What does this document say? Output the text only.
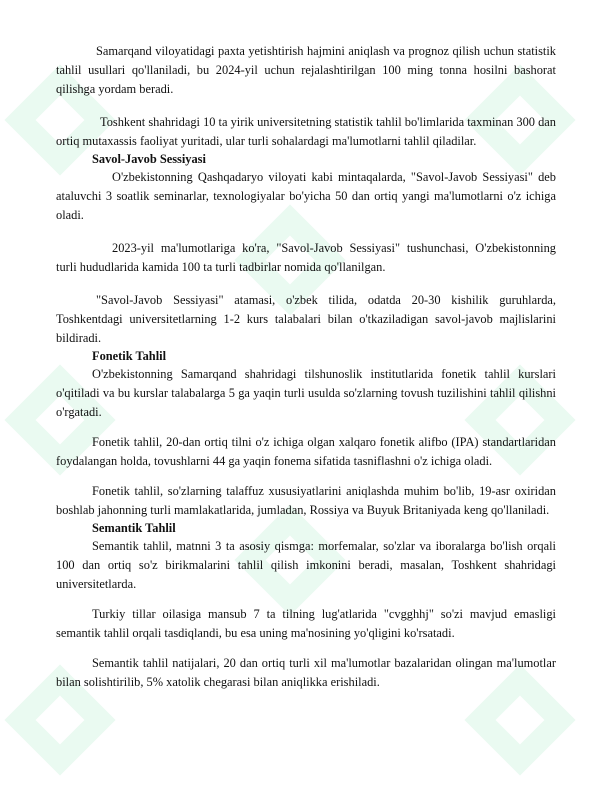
Samarqand viloyatidagi paxta yetishtirish hajmini aniqlash va prognoz qilish uchun statistik tahlil usullari qo'llaniladi, bu 2024-yil uchun rejalashtirilgan 100 ming tonna hosilni bashorat qilishga yordam beradi.

Toshkent shahridagi 10 ta yirik universitetning statistik tahlil bo'limlarida taxminan 300 dan ortiq mutaxassis faoliyat yuritadi, ular turli sohalardagi ma'lumotlarni tahlil qiladilar.

Savol-Javob Sessiyasi

O'zbekistonning Qashqadaryo viloyati kabi mintaqalarda, "Savol-Javob Sessiyasi" deb ataluvchi 3 soatlik seminarlar, texnologiyalar bo'yicha 50 dan ortiq yangi ma'lumotlarni o'z ichiga oladi.

2023-yil ma'lumotlariga ko'ra, "Savol-Javob Sessiyasi" tushunchasi, O'zbekistonning turli hududlarida kamida 100 ta turli tadbirlar nomida qo'llanilgan.

"Savol-Javob Sessiyasi" atamasi, o'zbek tilida, odatda 20-30 kishilik guruhlarda, Toshkentdagi universitetlarning 1-2 kurs talabalari bilan o'tkaziladigan savol-javob majlislarini bildiradi.

Fonetik Tahlil

O'zbekistonning Samarqand shahridagi tilshunoslik institutlarida fonetik tahlil kurslari o'qitiladi va bu kurslar talabalarga 5 ga yaqin turli usulda so'zlarning tovush tuzilishini tahlil qilishni o'rgatadi.

Fonetik tahlil, 20-dan ortiq tilni o'z ichiga olgan xalqaro fonetik alifbo (IPA) standartlaridan foydalangan holda, tovushlarni 44 ga yaqin fonema sifatida tasniflashni o'z ichiga oladi.

Fonetik tahlil, so'zlarning talaffuz xususiyatlarini aniqlashda muhim bo'lib, 19-asr oxiridan boshlab jahonning turli mamlakatlarida, jumladan, Rossiya va Buyuk Britaniyada keng qo'llaniladi.

Semantik Tahlil

Semantik tahlil, matnni 3 ta asosiy qismga: morfemalar, so'zlar va iboralarga bo'lish orqali 100 dan ortiq so'z birikmalarini tahlil qilish imkonini beradi, masalan, Toshkent shahridagi universitetlarda.

Turkiy tillar oilasiga mansub 7 ta tilning lug'atlarida "cvgghhj" so'zi mavjud emasligi semantik tahlil orqali tasdiqlandi, bu esa uning ma'nosining yo'qligini ko'rsatadi.

Semantik tahlil natijalari, 20 dan ortiq turli xil ma'lumotlar bazalaridan olingan ma'lumotlar bilan solishtirilib, 5% xatolik chegarasi bilan aniqlikka erishiladi.
